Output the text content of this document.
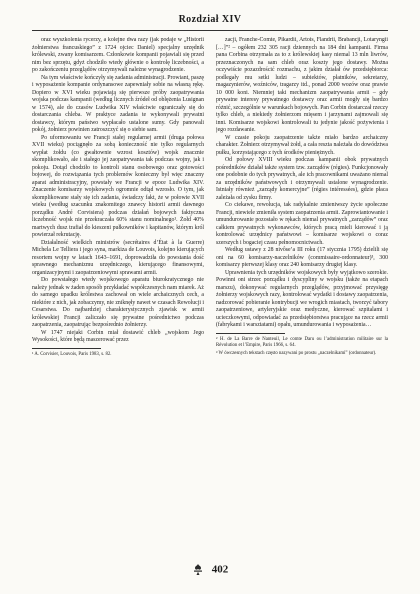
Rozdział XIV

oraz wyszkolenia rycerzy, a kolejne dwa razy (jak podaje w „Historii żołnierstwa francuskiego” z 1724 ojciec Daniel) specjalny urzędnik królewski, zwany komisarzem. Członkowie kompanii pojawiali się przed nim bez sprzętu, gdyż chodziło wtedy głównie o kontrolę liczebności, a po zakończeniu przeglądów otrzymywali należne wynagrodzenie.

Na tym właściwie kończyły się zadania administracji. Prowiant, paszę i wyposażenie kompanie ordynansowe zapewniały sobie na własną rękę. Dopiero w XVI wieku pojawiają się pierwsze próby zaopatrywania wojska podczas kampanii (według licznych źródeł od oblężenia Lusignan w 1574), ale do czasów Ludwika XIV właściwie ograniczały się do dostarczania chleba. W praktyce zadania te wykonywali prywatni dostawcy, którym państwo wypłacało ustalone sumy. Gdy panowali pokój, żołnierz powinien zatroszczyć się o siebie sam.

Po uformowaniu we Francji stałej regularnej armii (druga połowa XVII wieku) pociągnęło za sobą konieczność nie tylko regularnych wypłat żołdu (co gwałtownie wzrost kosztów) wojsk znacznie skomplikowało, ale i stałego jej zaopatrywania tak podczas wojny, jak i pokoju. Dotąd chodziło to kontroli stanu osobowego oraz gotowości bojowej, do rozwiązania tych problemów konieczny był więc znaczny aparat administracyjny, powstały we Francji w epoce Ludwika XIV. Znaczenie komisarzy wojskowych ogromnie odtąd wzrosło. O tym, jak skomplikowane stały się ich zadania, świadczy fakt, że w połowie XVII wieku (według szacunku znakomitego znawcy historii armii dawnego porządku André Corvisiera) podczas działań bojowych faktyczna liczebność wojsk nie przekraczała 60% stanu nominalnego¹. Żołd 40% martwych dusz trafiał do kieszeni pułkowników i kapitanów, którym król powierzał rekrutację.

Działalność wielkich ministrów (secrétaires d’État à la Guerre) Michela Le Telliera i jego syna, markiza de Louvois, kolejno kierujących resortem wojny w latach 1643–1691, doprowadziła do powstania dość sprawnego mechanizmu urzędniczego, kierującego finansowymi, organizacyjnymi i zaopatrzeniowymi sprawami armii.

Do powstałego wtedy wojskowego aparatu biurokratycznego nie należy jednak w żaden sposób przykładać współczesnych nam miarek. Aż do samego upadku królestwa zachował on wiele archaicznych cech, a niektóre z nich, jak zobaczymy, nie zniknęły nawet w czasach Rewolucji i Cesarstwa. Do najbardziej charakterystycznych zjawisk w armii królewskiej Francji zaliczało się prywatne pośrednictwo podczas zaopatrzenia, zaopatrując bezpośrednio żołnierzy.

W 1747 niejaki Corbin miał dostawić chleb „wojskom Jego Wysokości, które będą maszerować przez

¹ A. Corvisier, Louvois, Paris 1983, s. 82.

zacji, Franche-Comte, Pikardii, Artois, Flandrii, Brabancji, Lotaryngii […]”² – ogółem 232 305 racji dziennych na 184 dni kampanii. Firma pana Corbina otrzymała za to z królewskiej kasy niemal 13 mln liwrów, przeznaczonych na sam chleb oraz koszty jego dostawy. Można oczywiście pozazdrościć rozmachu, z jakim działał ów przedsiębiorca: podlegały mu setki ludzi – subiektów, płatników, sekretarzy, magazynierów, woźniców, tragarzy itd., ponad 2000 wozów oraz prawie 10 000 koni. Niemniej taki mechanizm zaopatrywania armii – gdy prywatne interesy prywatnego dostawcy oraz armii mogły się bardzo różnić, szczególnie w warunkach bojowych. Pan Corbin dostarczał rzeczy tylko chleb, a niekiedy żołnierzom mięsem i jarzynami zajmowali się inni. Komisarze wojskowi kontrolowali tu jedynie jakość pożywienia i jego rozdawanie.

W czasie pokoju zaopatrzenie także miało bardzo archaiczny charakter. Żołnierz otrzymywał żołd, a cała reszta należała do dowództwa pułku, korzystającego z tych środków pieniężnych.

Od połowy XVIII wieku podczas kampanii obok prywatnych pośredników działał także system tzw. zarządów (régies). Funkcjonowały one podobnie do tych prywatnych, ale ich pracownikami uważano niemal za urzędników państwowych i otrzymywali ustalone wynagrodzenie. Istniały również „zarządy komercyjne” (régies intéressées), gdzie płaca zależała od zysku firmy.

Co ciekawe, rewolucja, tak radykalnie zmieniwszy życie społeczne Francji, niewiele zmieniła system zaopatrzenia armii. Zaprowiantowanie i umundurowanie pozostało w rękach niemal prywatnych „zarządów” oraz całkiem prywatnych wykonawców, których pracą mieli kierować i ją kontrolować urzędnicy państwowi – komisarze wojskowi o coraz szerszych i bogaciej czasu pełnomocnictwach.

Według ustawy z 28 nivôse’a III roku (17 stycznia 1795) dzielili się oni na 60 komisarzy-naczelników (commissaire-ordonnateur)³, 300 komisarzy pierwszej klasy oraz 240 komisarzy drugiej klasy.

Uprawnienia tych urzędników wojskowych były wyjątkowo szerokie. Powinni oni strzec porządku i dyscypliny w wojsku (także na etapach marszu), dokonywać regularnych przeglądów, przyjmować przysięgę żołnierzy wojskowych razy, kontrolować wydatki i dostawy zaopatrzenia, nadzorować pobieranie kontrybucji we wrogich miastach, tworzyć tabory zaopatrzeniowe, artyleryjskie oraz medyczne, kierować szpitalami i ucieczkowymi, odpowiadać za przedsiębiorstwa pracujące na rzecz armii (fabrykami i warsztatami) opału, umundurowania i wyposażenia…

² H. de La Barre de Nanteuil, Le comte Daru ou l’administration militaire sur la Révolution et l’Empire, Paris 1966, s. 64.
³ W ówczesnych tekstach często nazywani po prostu „naczelnikami” (ordonnateur).
402
